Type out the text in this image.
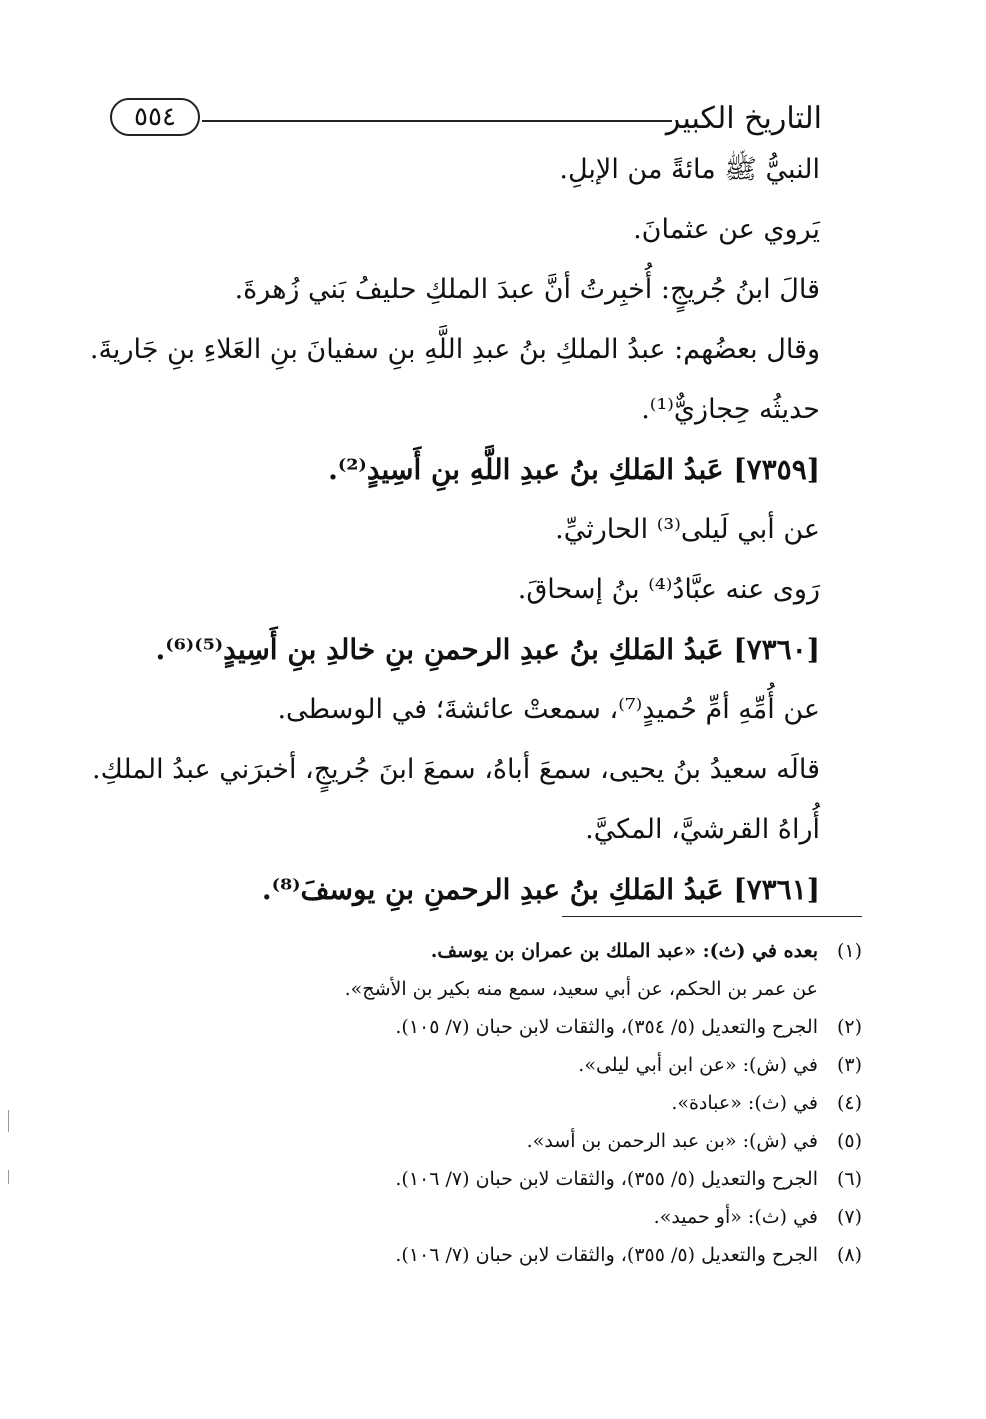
٥٥٤	التاريخ الكبير
النبيُّ ﷺ مائةً من الإبلِ.
يَروي عن عثمانَ.
قالَ ابنُ جُريجٍ: أُخبِرتُ أنَّ عبدَ الملكِ حليفُ بَني زُهرةَ.
وقال بعضُهم: عبدُ الملكِ بنُ عبدِ اللَّهِ بنِ سفيانَ بنِ العَلاءِ بنِ جَاريةَ.
حديثُه حِجازيٌّ⁽¹⁾.
[٧٣٥٩] عَبدُ المَلكِ بنُ عبدِ اللَّهِ بنِ أَسِيدٍ⁽²⁾.
عن أبي لَيلى⁽³⁾ الحارثيِّ.
رَوى عنه عبَّادُ⁽⁴⁾ بنُ إسحاقَ.
[٧٣٦٠] عَبدُ المَلكِ بنُ عبدِ الرحمنِ بنِ خالدِ بنِ أَسِيدٍ⁽⁵⁾⁽⁶⁾.
عن أُمِّهِ أمِّ حُميدٍ⁽⁷⁾، سمعتْ عائشةَ؛ في الوسطى.
قالَه سعيدُ بنُ يحيى، سمعَ أباهُ، سمعَ ابنَ جُريجٍ، أخبرَني عبدُ الملكِ.
أُراهُ القرشيَّ، المكيَّ.
[٧٣٦١] عَبدُ المَلكِ بنُ عبدِ الرحمنِ بنِ يوسفَ⁽⁸⁾.
(١)بعده في (ث): «عبد الملك بن عمران بن يوسف.
عن عمر بن الحكم، عن أبي سعيد، سمع منه بكير بن الأشج».
(٢)الجرح والتعديل (٥/ ٣٥٤)، والثقات لابن حبان (٧/ ١٠٥).
(٣)في (ش): «عن ابن أبي ليلى».
(٤)في (ث): «عبادة».
(٥)في (ش): «بن عبد الرحمن بن أسد».
(٦)الجرح والتعديل (٥/ ٣٥٥)، والثقات لابن حبان (٧/ ١٠٦).
(٧)في (ث): «أو حميد».
(٨)الجرح والتعديل (٥/ ٣٥٥)، والثقات لابن حبان (٧/ ١٠٦).
